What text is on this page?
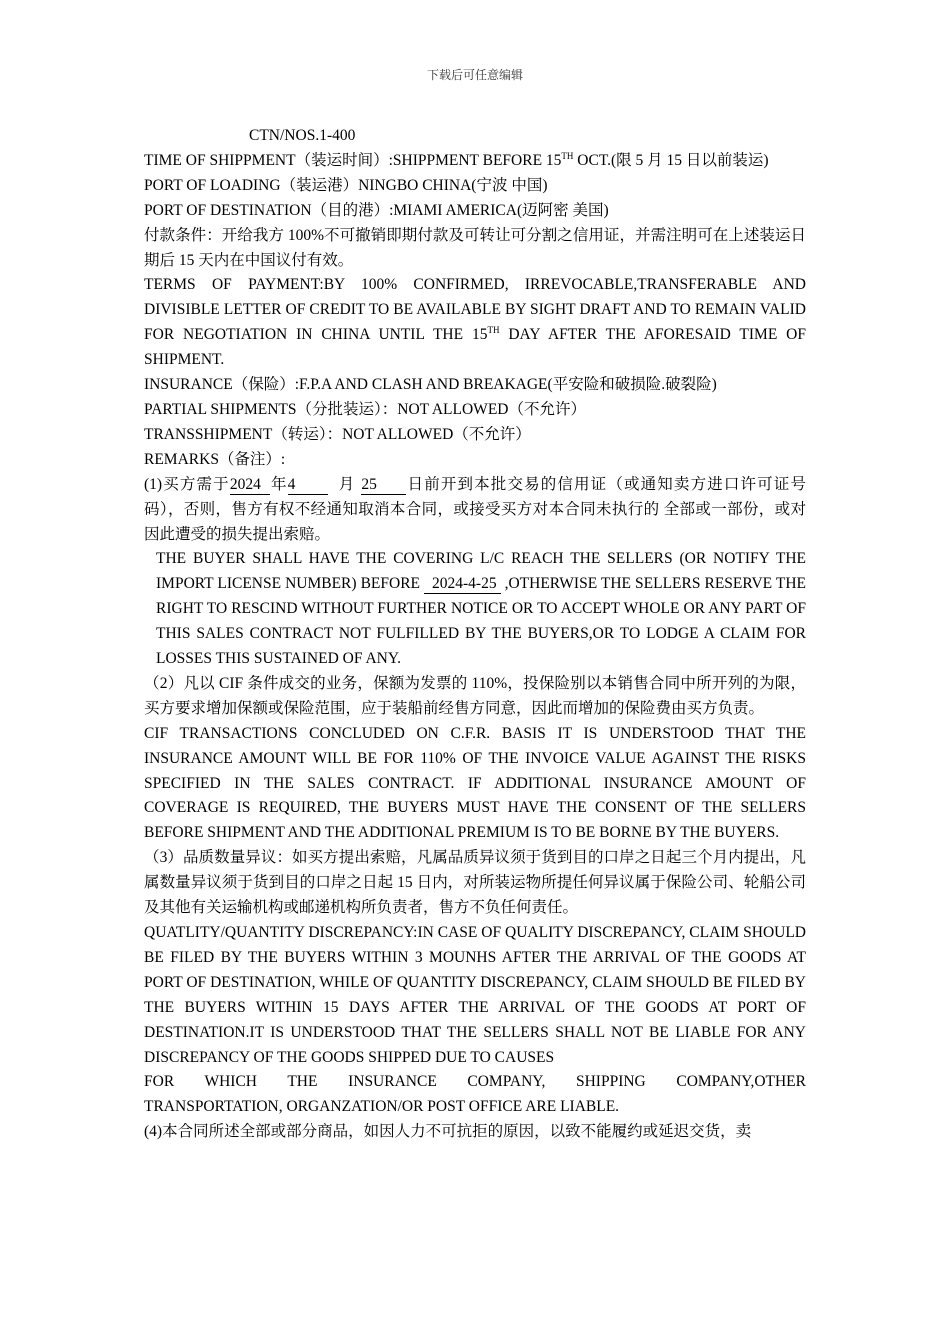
下载后可任意编辑

CTN/NOS.1-400

TIME OF SHIPPMENT（装运时间）: SHIPPMENT BEFORE 15TH OCT.(限 5 月 15 日以前装运)

PORT OF LOADING（装运港）NINGBO CHINA(宁波 中国)

PORT OF DESTINATION（目的港）:MIAMI AMERICA(迈阿密 美国)

付款条件：开给我方 100%不可撤销即期付款及可转让可分割之信用证，并需注明可在上述装运日期后 15 天内在中国议付有效。

TERMS OF PAYMENT:BY 100% CONFIRMED, IRREVOCABLE,TRANSFERABLE AND DIVISIBLE LETTER OF CREDIT TO BE AVAILABLE BY SIGHT DRAFT AND TO REMAIN VALID FOR NEGOTIATION IN CHINA UNTIL THE 15TH DAY AFTER THE AFORESAID TIME OF SHIPMENT.

INSURANCE（保险）:F.P.A AND CLASH AND BREAKAGE(平安险和破损险.破裂险)

PARTIAL SHIPMENTS（分批装运）：NOT ALLOWED（不允许）

TRANSSHIPMENT（转运）：NOT ALLOWED（不允许）

REMARKS（备注）:

(1)买方需于2024 年4	月 25 日前开到本批交易的信用证（或通知卖方进口许可证号码），否则，售方有权不经通知取消本合同，或接受买方对本合同未执行的 全部或一部份，或对因此遭受的损失提出索赔。

THE BUYER SHALL HAVE THE COVERING L/C REACH THE SELLERS (OR NOTIFY THE IMPORT LICENSE NUMBER) BEFORE 2024-4-25 ,OTHERWISE THE SELLERS RESERVE THE RIGHT TO RESCIND WITHOUT FURTHER NOTICE OR TO ACCEPT WHOLE OR ANY PART OF THIS SALES CONTRACT NOT FULFILLED BY THE BUYERS,OR TO LODGE A CLAIM FOR LOSSES THIS SUSTAINED OF ANY.

（2）凡以 CIF 条件成交的业务，保额为发票的 110%，投保险别以本销售合同中所开列的为限，买方要求增加保额或保险范围，应于装船前经售方同意，因此而增加的保险费由买方负责。

CIF TRANSACTIONS CONCLUDED ON C.F.R. BASIS IT IS UNDERSTOOD THAT THE INSURANCE AMOUNT WILL BE FOR 110% OF THE INVOICE VALUE AGAINST THE RISKS SPECIFIED IN THE SALES CONTRACT. IF ADDITIONAL INSURANCE AMOUNT OF COVERAGE IS REQUIRED, THE BUYERS MUST HAVE THE CONSENT OF THE SELLERS BEFORE SHIPMENT AND THE ADDITIONAL PREMIUM IS TO BE BORNE BY THE BUYERS.

（3）品质数量异议：如买方提出索赔，凡属品质异议须于货到目的口岸之日起三个月内提出，凡属数量异议须于货到目的口岸之日起 15 日内，对所装运物所提任何异议属于保险公司、轮船公司及其他有关运输机构或邮递机构所负责者，售方不负任何责任。

QUATLITY/QUANTITY DISCREPANCY:IN CASE OF QUALITY DISCREPANCY, CLAIM SHOULD BE FILED BY THE BUYERS WITHIN 3 MOUNHS AFTER THE ARRIVAL OF THE GOODS AT PORT OF DESTINATION, WHILE OF QUANTITY DISCREPANCY, CLAIM SHOULD BE FILED BY THE BUYERS WITHIN 15 DAYS AFTER THE ARRIVAL OF THE GOODS AT PORT OF DESTINATION.IT IS UNDERSTOOD THAT THE SELLERS SHALL NOT BE LIABLE FOR ANY DISCREPANCY OF THE GOODS SHIPPED DUE TO CAUSES

FOR WHICH THE INSURANCE COMPANY, SHIPPING COMPANY,OTHER

TRANSPORTATION, ORGANZATION/OR POST OFFICE ARE LIABLE.

(4)本合同所述全部或部分商品，如因人力不可抗拒的原因，以致不能履约或延迟交货，卖
